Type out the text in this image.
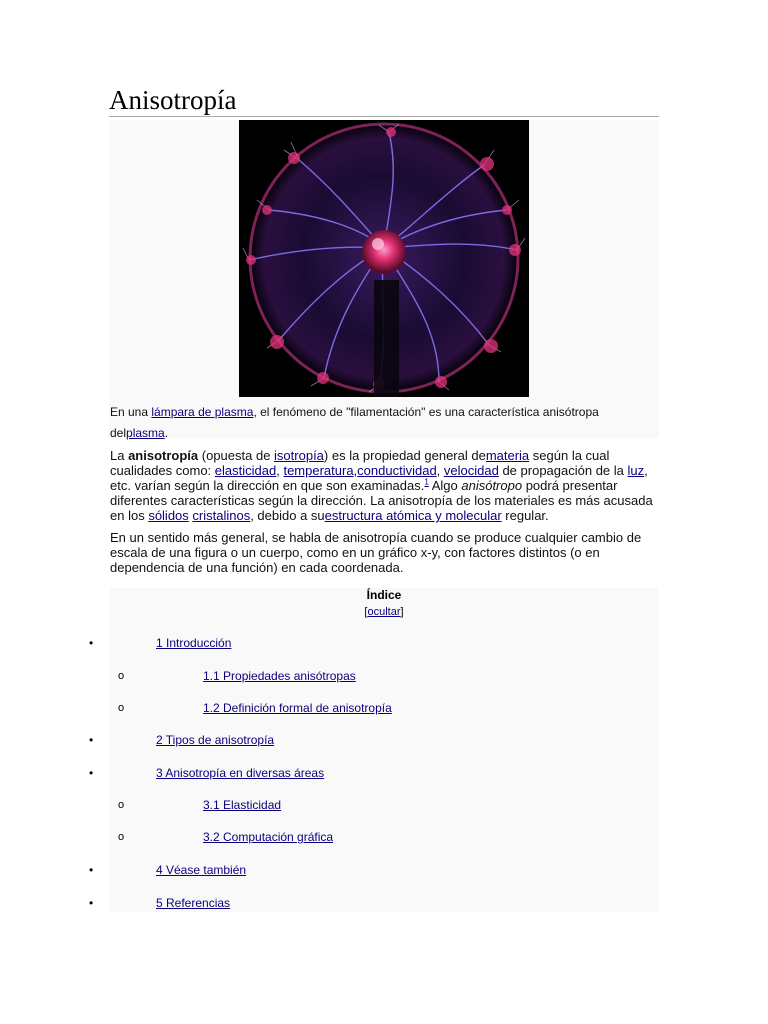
Anisotropía
En una lámpara de plasma, el fenómeno de "filamentación" es una característica anisótropa delplasma.

La anisotropía (opuesta de isotropía) es la propiedad general demateria según la cual cualidades como: elasticidad, temperatura,conductividad, velocidad de propagación de la luz, etc. varían según la dirección en que son examinadas.$^1$ Algo anisótropo podrá presentar diferentes características según la dirección. La anisotropía de los materiales es más acusada en los sólidos cristalinos, debido a suestructura atómica y molecular regular.

En un sentido más general, se habla de anisotropía cuando se produce cualquier cambio de escala de una figura o un cuerpo, como en un gráfico x-y, con factores distintos (o en dependencia de una función) en cada coordenada.

Índice
[ocultar]
•	1 Introducción
o	1.1 Propiedades anisótropas
o	1.2 Definición formal de anisotropía
•	2 Tipos de anisotropía
•	3 Anisotropía en diversas áreas
o	3.1 Elasticidad
o	3.2 Computación gráfica
•	4 Véase también
•	5 Referencias
